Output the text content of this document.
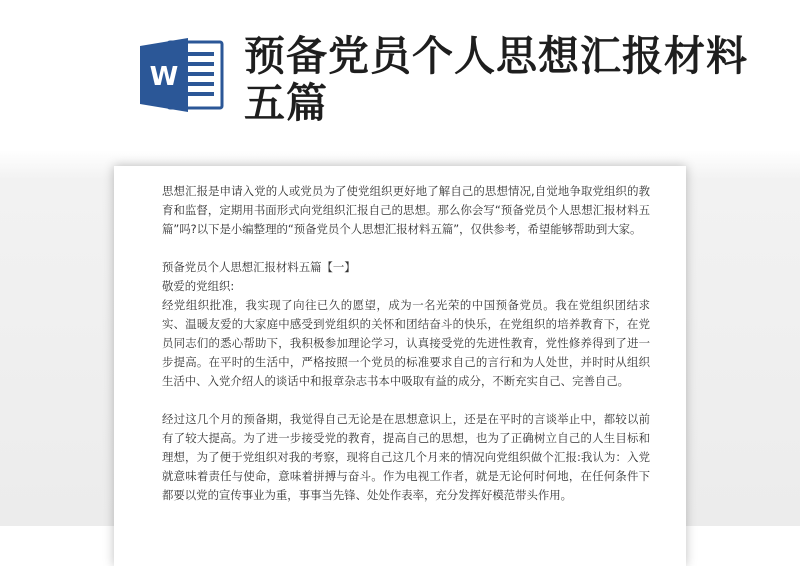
W 预备党员个人思想汇报材料五篇

思想汇报是申请入党的人或党员为了使党组织更好地了解自己的思想情况,自觉地争取党组织的教育和监督，定期用书面形式向党组织汇报自己的思想。那么你会写“预备党员个人思想汇报材料五篇”吗?以下是小编整理的“预备党员个人思想汇报材料五篇”，仅供参考，希望能够帮助到大家。

预备党员个人思想汇报材料五篇【一】

敬爱的党组织:

经党组织批准，我实现了向往已久的愿望，成为一名光荣的中国预备党员。我在党组织团结求实、温暖友爱的大家庭中感受到党组织的关怀和团结奋斗的快乐，在党组织的培养教育下，在党员同志们的悉心帮助下，我积极参加理论学习，认真接受党的先进性教育，党性修养得到了进一步提高。在平时的生活中，严格按照一个党员的标准要求自己的言行和为人处世，并时时从组织生活中、入党介绍人的谈话中和报章杂志书本中吸取有益的成分，不断充实自己、完善自己。

经过这几个月的预备期，我觉得自己无论是在思想意识上，还是在平时的言谈举止中，都较以前有了较大提高。为了进一步接受党的教育，提高自己的思想，也为了正确树立自己的人生目标和理想，为了便于党组织对我的考察，现将自己这几个月来的情况向党组织做个汇报:我认为：入党就意味着责任与使命，意味着拼搏与奋斗。作为电视工作者，就是无论何时何地，在任何条件下都要以党的宣传事业为重，事事当先锋、处处作表率，充分发挥好模范带头作用。
